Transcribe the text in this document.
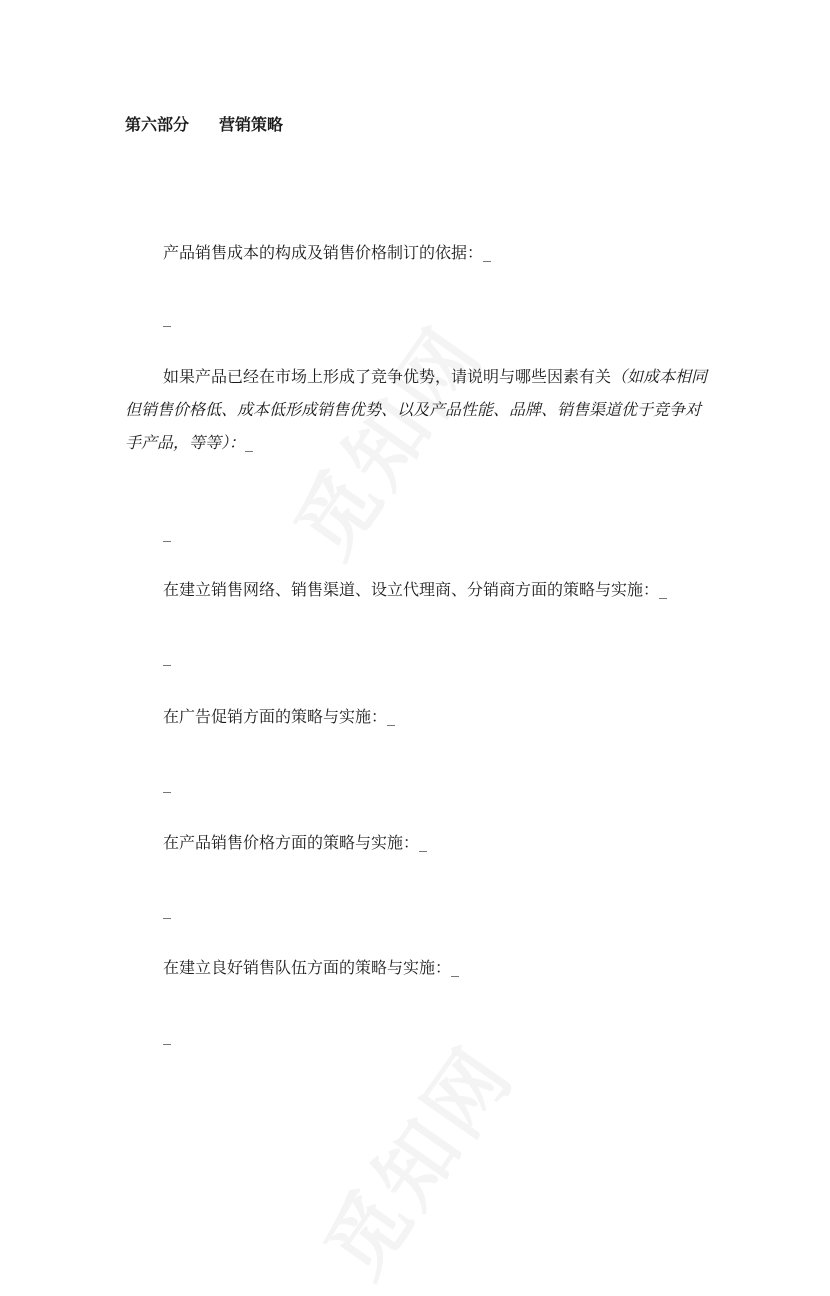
第六部分 营销策略
产品销售成本的构成及销售价格制订的依据：_
_
如果产品已经在市场上形成了竞争优势，请说明与哪些因素有关（如成本相同但销售价格低、成本低形成销售优势、以及产品性能、品牌、销售渠道优于竞争对手产品，等等）：_
_
在建立销售网络、销售渠道、设立代理商、分销商方面的策略与实施：_
_
在广告促销方面的策略与实施：_
_
在产品销售价格方面的策略与实施：_
_
在建立良好销售队伍方面的策略与实施：_
_
